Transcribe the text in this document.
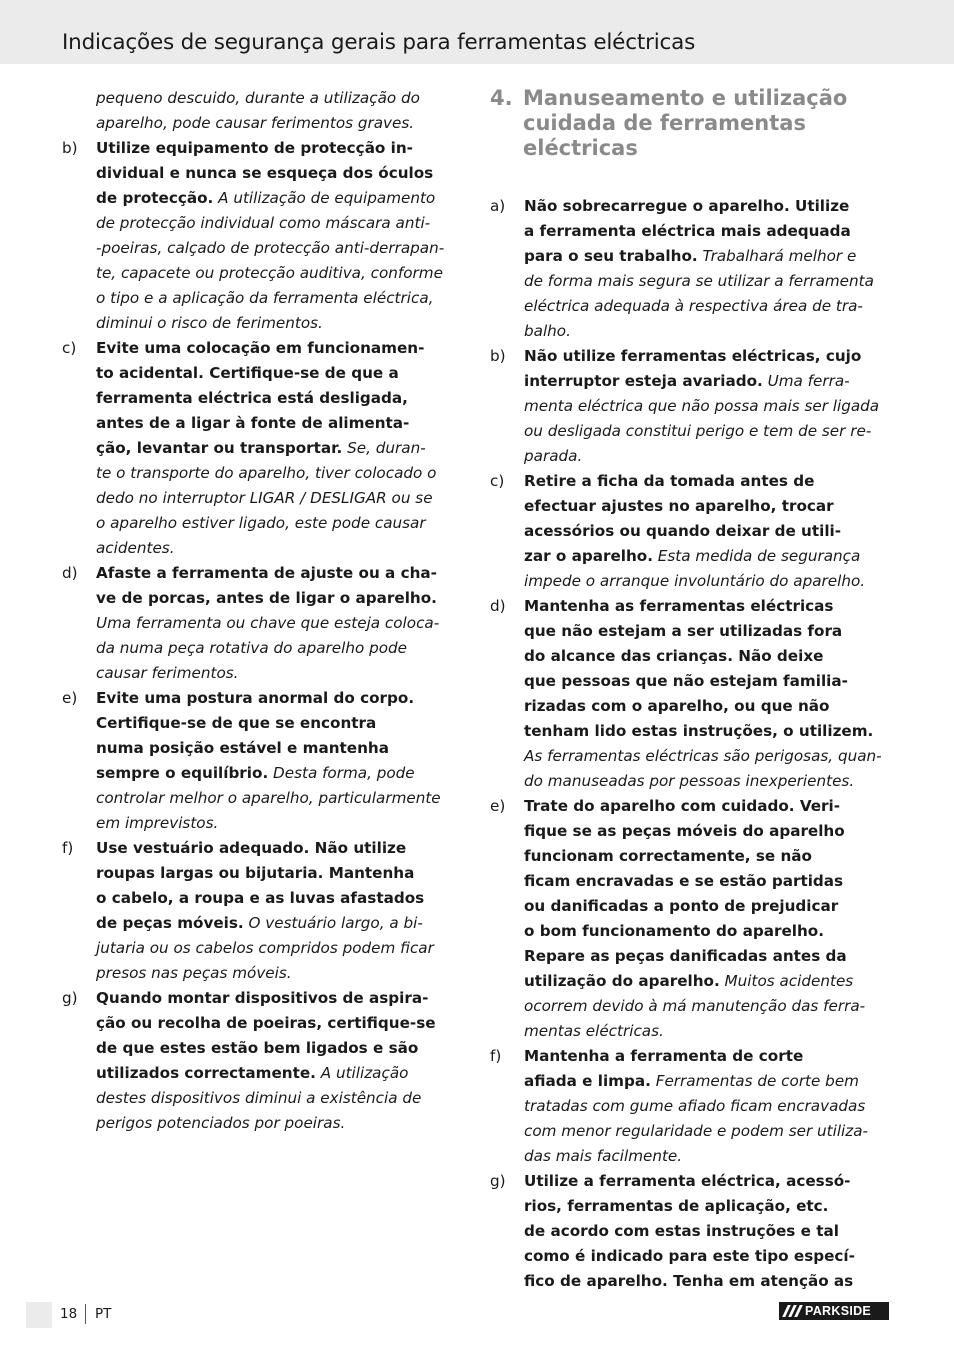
Indicações de segurança gerais para ferramentas eléctricas
pequeno descuido, durante a utilização do aparelho, pode causar ferimentos graves.
b)	Utilize equipamento de protecção in-
dividual e nunca se esqueça dos óculos
de protecção. A utilização de equipamento
de protecção individual como máscara anti-
-poeiras, calçado de protecção anti-derrapan-
te, capacete ou protecção auditiva, conforme
o tipo e a aplicação da ferramenta eléctrica,
diminui o risco de ferimentos.
c)	Evite uma colocação em funcionamen-
to acidental. Certifique-se de que a
ferramenta eléctrica está desligada,
antes de a ligar à fonte de alimenta-
ção, levantar ou transportar. Se, duran-
te o transporte do aparelho, tiver colocado o
dedo no interruptor LIGAR / DESLIGAR ou se
o aparelho estiver ligado, este pode causar
acidentes.
d)	Afaste a ferramenta de ajuste ou a cha-
ve de porcas, antes de ligar o aparelho.
Uma ferramenta ou chave que esteja coloca-
da numa peça rotativa do aparelho pode
causar ferimentos.
e)	Evite uma postura anormal do corpo.
Certifique-se de que se encontra
numa posição estável e mantenha
sempre o equilíbrio. Desta forma, pode
controlar melhor o aparelho, particularmente
em imprevistos.
f)	Use vestuário adequado. Não utilize
roupas largas ou bijutaria. Mantenha
o cabelo, a roupa e as luvas afastados
de peças móveis. O vestuário largo, a bi-
jutaria ou os cabelos compridos podem ficar
presos nas peças móveis.
g)	Quando montar dispositivos de aspira-
ção ou recolha de poeiras, certifique-se
de que estes estão bem ligados e são
utilizados correctamente. A utilização
destes dispositivos diminui a existência de
perigos potenciados por poeiras.
4. Manuseamento e utilização
cuidada de ferramentas
eléctricas
a)	Não sobrecarregue o aparelho. Utilize
a ferramenta eléctrica mais adequada
para o seu trabalho. Trabalhará melhor e
de forma mais segura se utilizar a ferramenta
eléctrica adequada à respectiva área de tra-
balho.
b)	Não utilize ferramentas eléctricas, cujo
interruptor esteja avariado. Uma ferra-
menta eléctrica que não possa mais ser ligada
ou desligada constitui perigo e tem de ser re-
parada.
c)	Retire a ficha da tomada antes de
efectuar ajustes no aparelho, trocar
acessórios ou quando deixar de utili-
zar o aparelho. Esta medida de segurança
impede o arranque involuntário do aparelho.
d)	Mantenha as ferramentas eléctricas
que não estejam a ser utilizadas fora
do alcance das crianças. Não deixe
que pessoas que não estejam familia-
rizadas com o aparelho, ou que não
tenham lido estas instruções, o utilizem.
As ferramentas eléctricas são perigosas, quan-
do manuseadas por pessoas inexperientes.
e)	Trate do aparelho com cuidado. Veri-
fique se as peças móveis do aparelho
funcionam correctamente, se não
ficam encravadas e se estão partidas
ou danificadas a ponto de prejudicar
o bom funcionamento do aparelho.
Repare as peças danificadas antes da
utilização do aparelho. Muitos acidentes
ocorrem devido à má manutenção das ferra-
mentas eléctricas.
f)	Mantenha a ferramenta de corte
afiada e limpa. Ferramentas de corte bem
tratadas com gume afiado ficam encravadas
com menor regularidade e podem ser utiliza-
das mais facilmente.
g)	Utilize a ferramenta eléctrica, acessó-
rios, ferramentas de aplicação, etc.
de acordo com estas instruções e tal
como é indicado para este tipo especí-
fico de aparelho. Tenha em atenção as
18 PT	PARKSIDE
